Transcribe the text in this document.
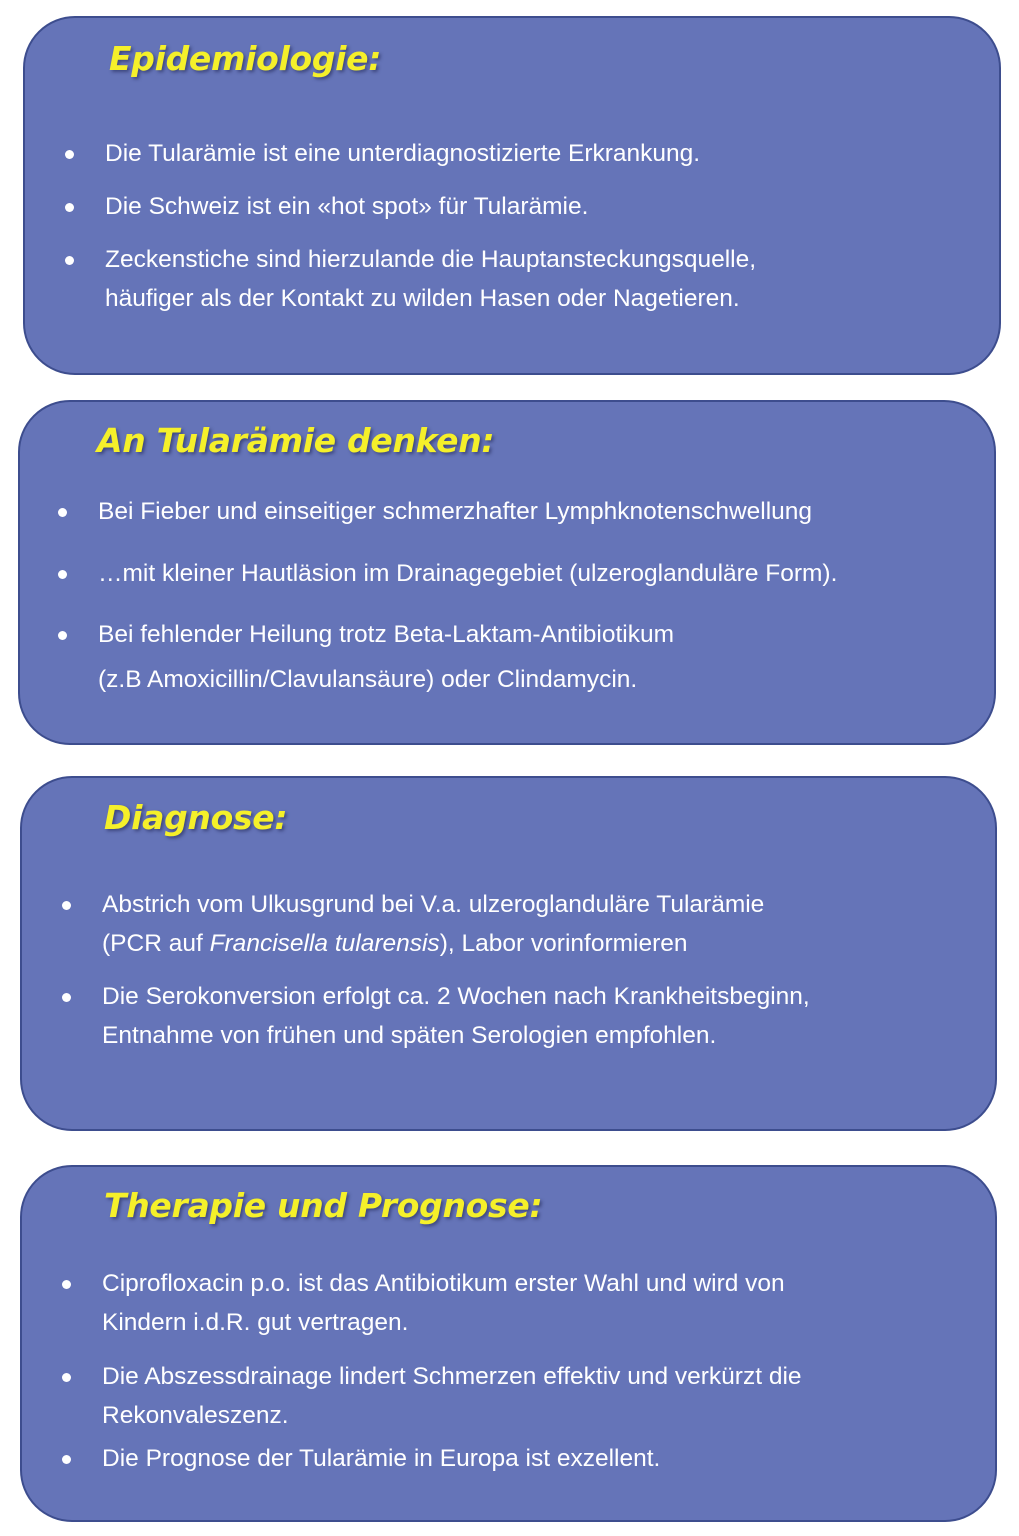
Epidemiologie:
Die Tularämie ist eine unterdiagnostizierte Erkrankung.
Die Schweiz ist ein «hot spot» für Tularämie.
Zeckenstiche sind hierzulande die Hauptansteckungsquelle,
häufiger als der Kontakt zu wilden Hasen oder Nagetieren.
An Tularämie denken:
Bei Fieber und einseitiger schmerzhafter Lymphknotenschwellung
…mit kleiner Hautläsion im Drainagegebiet (ulzeroglanduläre Form).
Bei fehlender Heilung trotz Beta-Laktam-Antibiotikum
(z.B Amoxicillin/Clavulansäure) oder Clindamycin.
Diagnose:
Abstrich vom Ulkusgrund bei V.a. ulzeroglanduläre Tularämie
(PCR auf Francisella tularensis), Labor vorinformieren
Die Serokonversion erfolgt ca. 2 Wochen nach Krankheitsbeginn,
Entnahme von frühen und späten Serologien empfohlen.
Therapie und Prognose:
Ciprofloxacin p.o. ist das Antibiotikum erster Wahl und wird von
Kindern i.d.R. gut vertragen.
Die Abszessdrainage lindert Schmerzen effektiv und verkürzt die
Rekonvaleszenz.
Die Prognose der Tularämie in Europa ist exzellent.
